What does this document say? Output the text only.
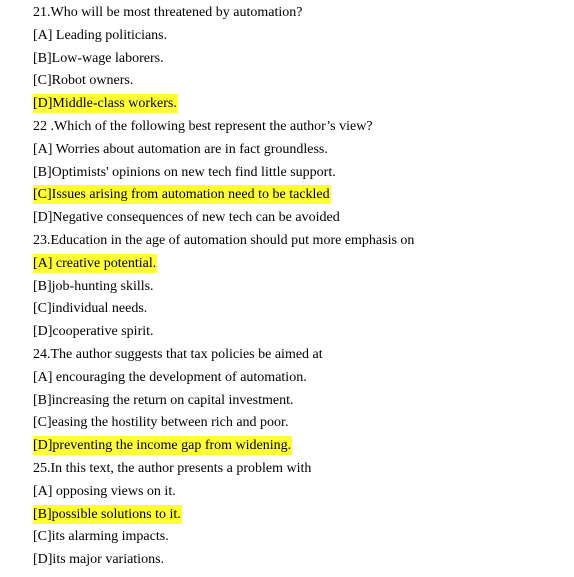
21.Who will be most threatened by automation?
[A] Leading politicians.
[B]Low-wage laborers.
[C]Robot owners.
[D]Middle-class workers.
22 .Which of the following best represent the author’s view?
[A] Worries about automation are in fact groundless.
[B]Optimists' opinions on new tech find little support.
[C]Issues arising from automation need to be tackled
[D]Negative consequences of new tech can be avoided
23.Education in the age of automation should put more emphasis on
[A] creative potential.
[B]job-hunting skills.
[C]individual needs.
[D]cooperative spirit.
24.The author suggests that tax policies be aimed at
[A] encouraging the development of automation.
[B]increasing the return on capital investment.
[C]easing the hostility between rich and poor.
[D]preventing the income gap from widening.
25.In this text, the author presents a problem with
[A] opposing views on it.
[B]possible solutions to it.
[C]its alarming impacts.
[D]its major variations.
